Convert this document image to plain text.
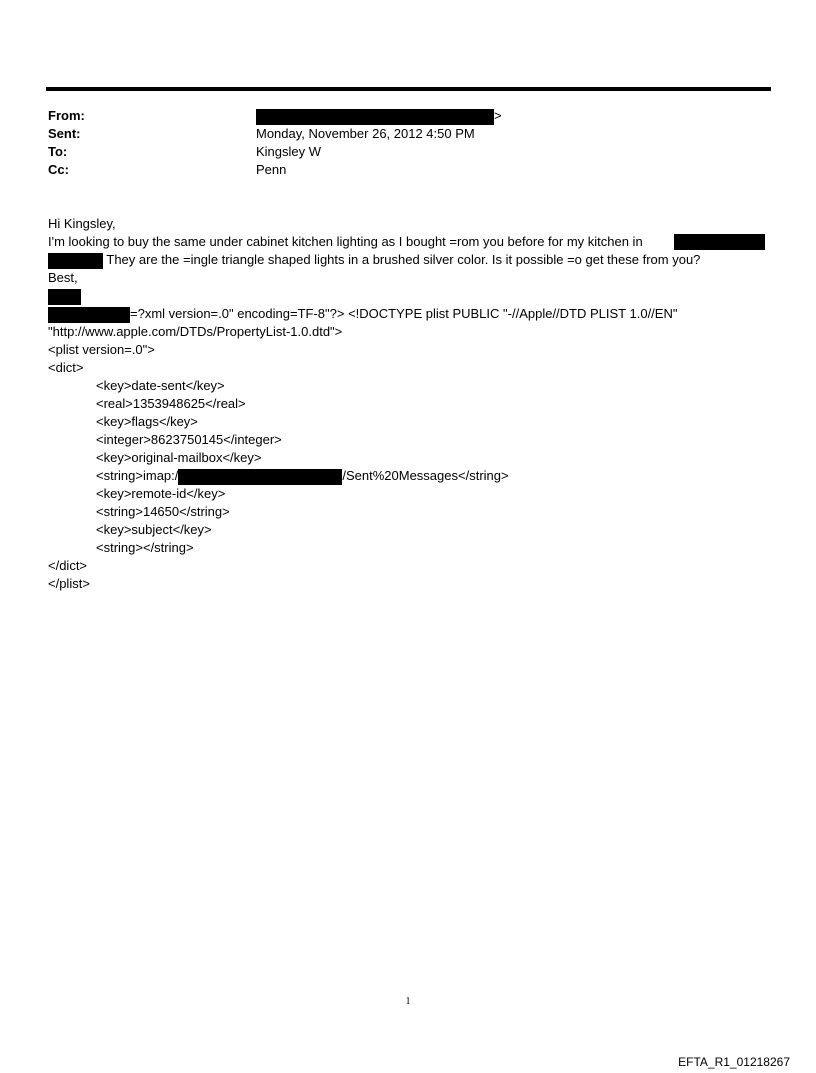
From:	>
Sent:	Monday, November 26, 2012 4:50 PM
To:	Kingsley W
Cc:	Penn
Hi Kingsley,
I'm looking to buy the same under cabinet kitchen lighting as I bought =rom you before for my kitchen in
They are the =ingle triangle shaped lights in a brushed silver color. Is it possible =o get these from you?
Best,
=?xml version=.0" encoding=TF-8"?> <!DOCTYPE plist PUBLIC "-//Apple//DTD PLIST 1.0//EN"
"http://www.apple.com/DTDs/PropertyList-1.0.dtd">
<plist version=.0">
<dict>
<key>date-sent</key>
<real>1353948625</real>
<key>flags</key>
<integer>8623750145</integer>
<key>original-mailbox</key>
<string>imap:/	/Sent%20Messages</string>
<key>remote-id</key>
<string>14650</string>
<key>subject</key>
<string></string>
</dict>
</plist>
1
EFTA_R1_01218267
